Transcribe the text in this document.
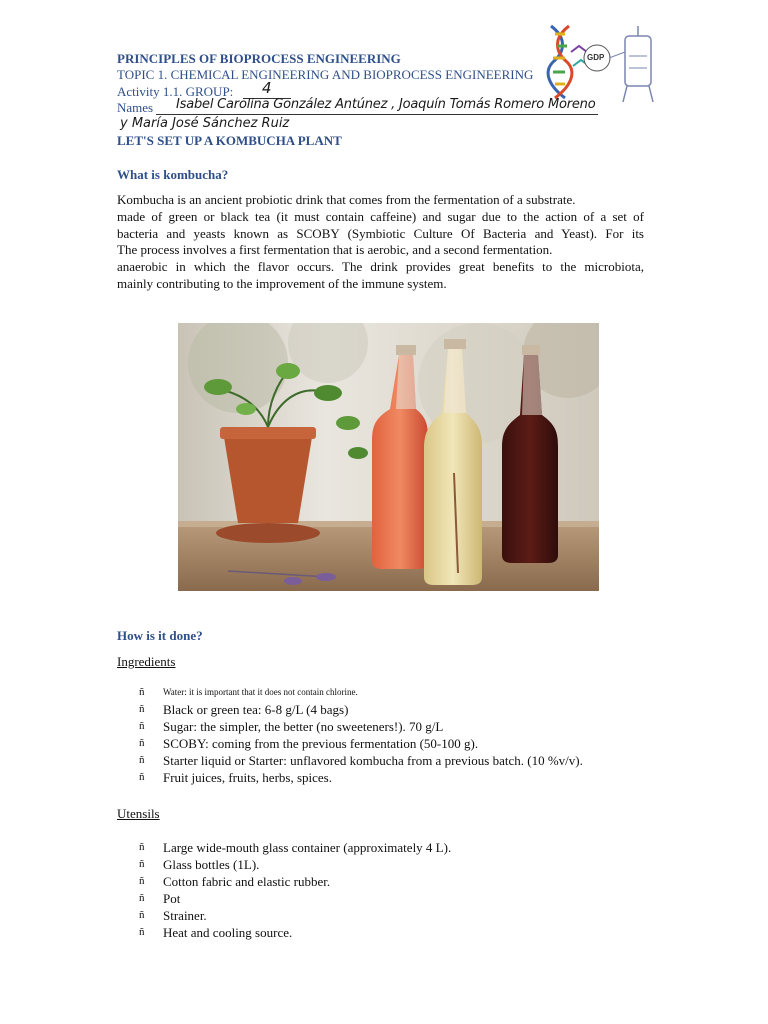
PRINCIPLES OF BIOPROCESS ENGINEERING
TOPIC 1. CHEMICAL ENGINEERING AND BIOPROCESS ENGINEERING
Activity 1.1. GROUP: 4
Names Isabel Carolina González Antúnez , Joaquín Tomás Romero Moreno
y María José Sánchez Ruiz
GDP
LET'S SET UP A KOMBUCHA PLANT
What is kombucha?
Kombucha is an ancient probiotic drink that comes from the fermentation of a substrate.
made of green or black tea (it must contain caffeine) and sugar due to the action of a set of
bacteria and yeasts known as SCOBY (Symbiotic Culture Of Bacteria and Yeast). For its
The process involves a first fermentation that is aerobic, and a second fermentation.
anaerobic in which the flavor occurs. The drink provides great benefits to the microbiota,
mainly contributing to the improvement of the immune system.
How is it done?
Ingredients
ñ Water: it is important that it does not contain chlorine.
ñ Black or green tea: 6-8 g/L (4 bags)
ñ Sugar: the simpler, the better (no sweeteners!). 70 g/L
ñ SCOBY: coming from the previous fermentation (50-100 g).
ñ Starter liquid or Starter: unflavored kombucha from a previous batch. (10 %v/v).
ñ Fruit juices, fruits, herbs, spices.
Utensils
ñ Large wide-mouth glass container (approximately 4 L).
ñ Glass bottles (1L).
ñ Cotton fabric and elastic rubber.
ñ Pot
ñ Strainer.
ñ Heat and cooling source.
